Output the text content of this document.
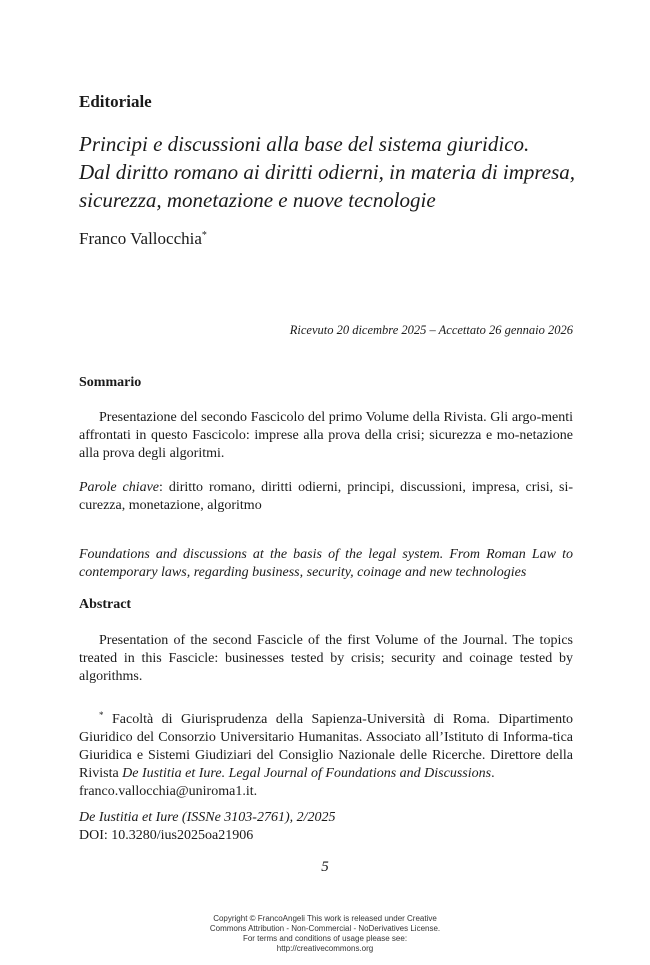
Editoriale
Principi e discussioni alla base del sistema giuridico.
Dal diritto romano ai diritti odierni, in materia di impresa,
sicurezza, monetazione e nuove tecnologie
Franco Vallocchia*
Ricevuto 20 dicembre 2025 – Accettato 26 gennaio 2026
Sommario
Presentazione del secondo Fascicolo del primo Volume della Rivista. Gli argo-menti affrontati in questo Fascicolo: imprese alla prova della crisi; sicurezza e mo-netazione alla prova degli algoritmi.
Parole chiave: diritto romano, diritti odierni, principi, discussioni, impresa, crisi, si-curezza, monetazione, algoritmo
Foundations and discussions at the basis of the legal system. From Roman Law to contemporary laws, regarding business, security, coinage and new technologies
Abstract
Presentation of the second Fascicle of the first Volume of the Journal. The topics treated in this Fascicle: businesses tested by crisis; security and coinage tested by algorithms.
* Facoltà di Giurisprudenza della Sapienza-Università di Roma. Dipartimento Giuridico del Consorzio Universitario Humanitas. Associato all’Istituto di Informa-tica Giuridica e Sistemi Giudiziari del Consiglio Nazionale delle Ricerche. Direttore della Rivista De Iustitia et Iure. Legal Journal of Foundations and Discussions.
franco.vallocchia@uniroma1.it.
De Iustitia et Iure (ISSNe 3103-2761), 2/2025
DOI: 10.3280/ius2025oa21906
5
Copyright © FrancoAngeli This work is released under Creative
Commons Attribution - Non-Commercial - NoDerivatives License.
For terms and conditions of usage please see:
http://creativecommons.org
